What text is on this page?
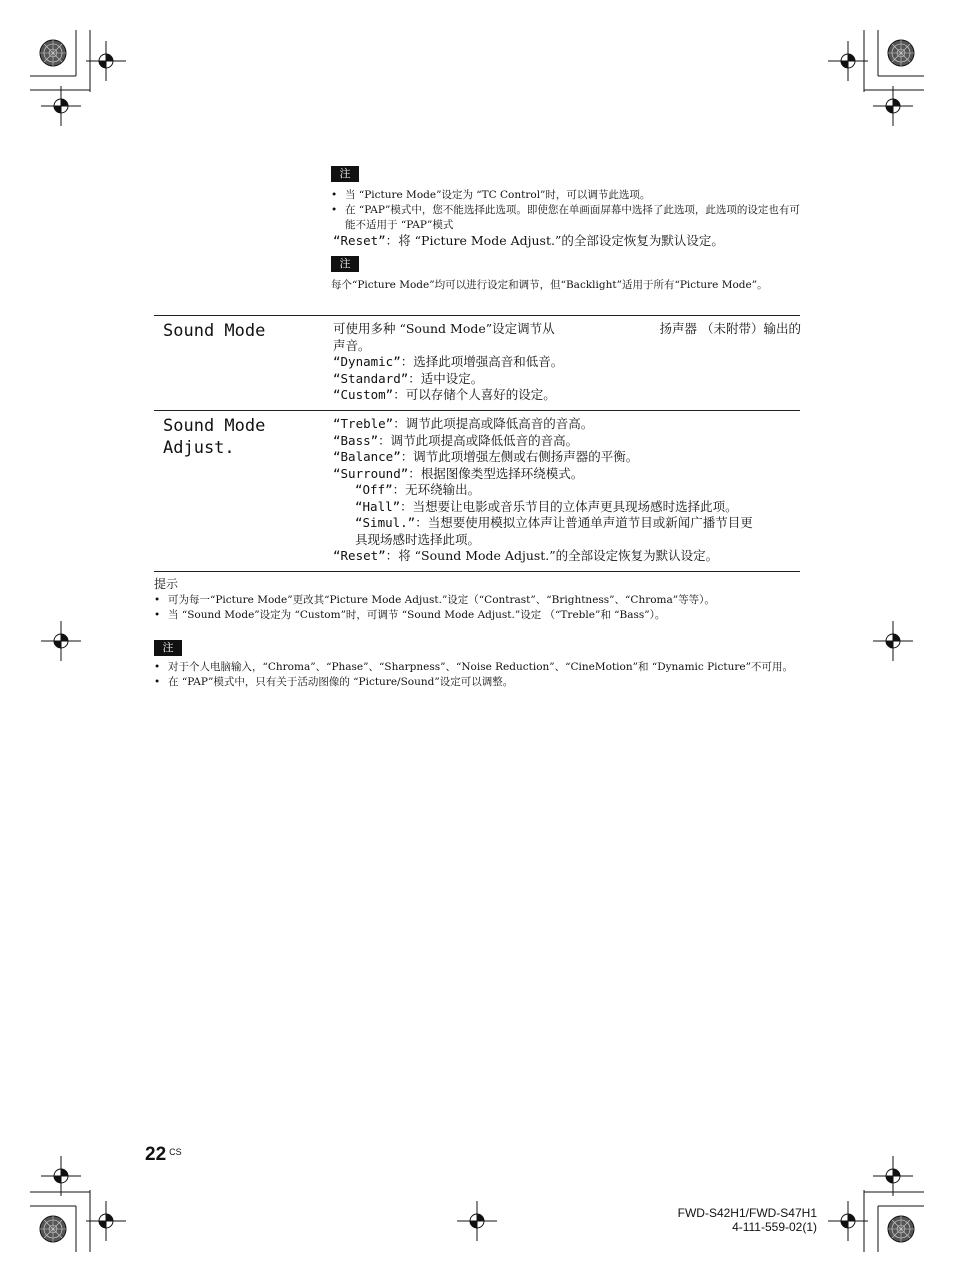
注
• 当 “Picture Mode”设定为 “TC Control”时，可以调节此选项。
• 在 “PAP”模式中，您不能选择此选项。即使您在单画面屏幕中选择了此选项，此选项的设定也有可能不适用于 “PAP”模式
“Reset”：将 “Picture Mode Adjust.”的全部设定恢复为默认设定。
注
每个“Picture Mode”均可以进行设定和调节，但“Backlight”适用于所有“Picture Mode”。
Sound Mode	可使用多种 “Sound Mode”设定调节从	扬声器 （未附带）输出的
声音。
“Dynamic”：选择此项增强高音和低音。
“Standard”：适中设定。
“Custom”：可以存储个人喜好的设定。
Sound Mode
Adjust.
“Treble”：调节此项提高或降低高音的音高。
“Bass”：调节此项提高或降低低音的音高。
“Balance”：调节此项增强左侧或右侧扬声器的平衡。
“Surround”：根据图像类型选择环绕模式。
“Off”：无环绕输出。
“Hall”：当想要让电影或音乐节目的立体声更具现场感时选择此项。
“Simul.”：当想要使用模拟立体声让普通单声道节目或新闻广播节目更
具现场感时选择此项。
“Reset”：将 “Sound Mode Adjust.”的全部设定恢复为默认设定。
提示
• 可为每一“Picture Mode”更改其“Picture Mode Adjust.”设定（“Contrast”、“Brightness”、“Chroma”等等）。
• 当 “Sound Mode”设定为 “Custom”时，可调节 “Sound Mode Adjust.”设定 （“Treble”和 “Bass”）。
注
• 对于个人电脑输入，“Chroma”、“Phase”、“Sharpness”、“Noise Reduction”、“CineMotion”和 “Dynamic Picture”不可用。
• 在 “PAP”模式中，只有关于活动图像的 “Picture/Sound”设定可以调整。
22 $^{CS}$
FWD-S42H1/FWD-S47H1
4-111-559-02(1)
